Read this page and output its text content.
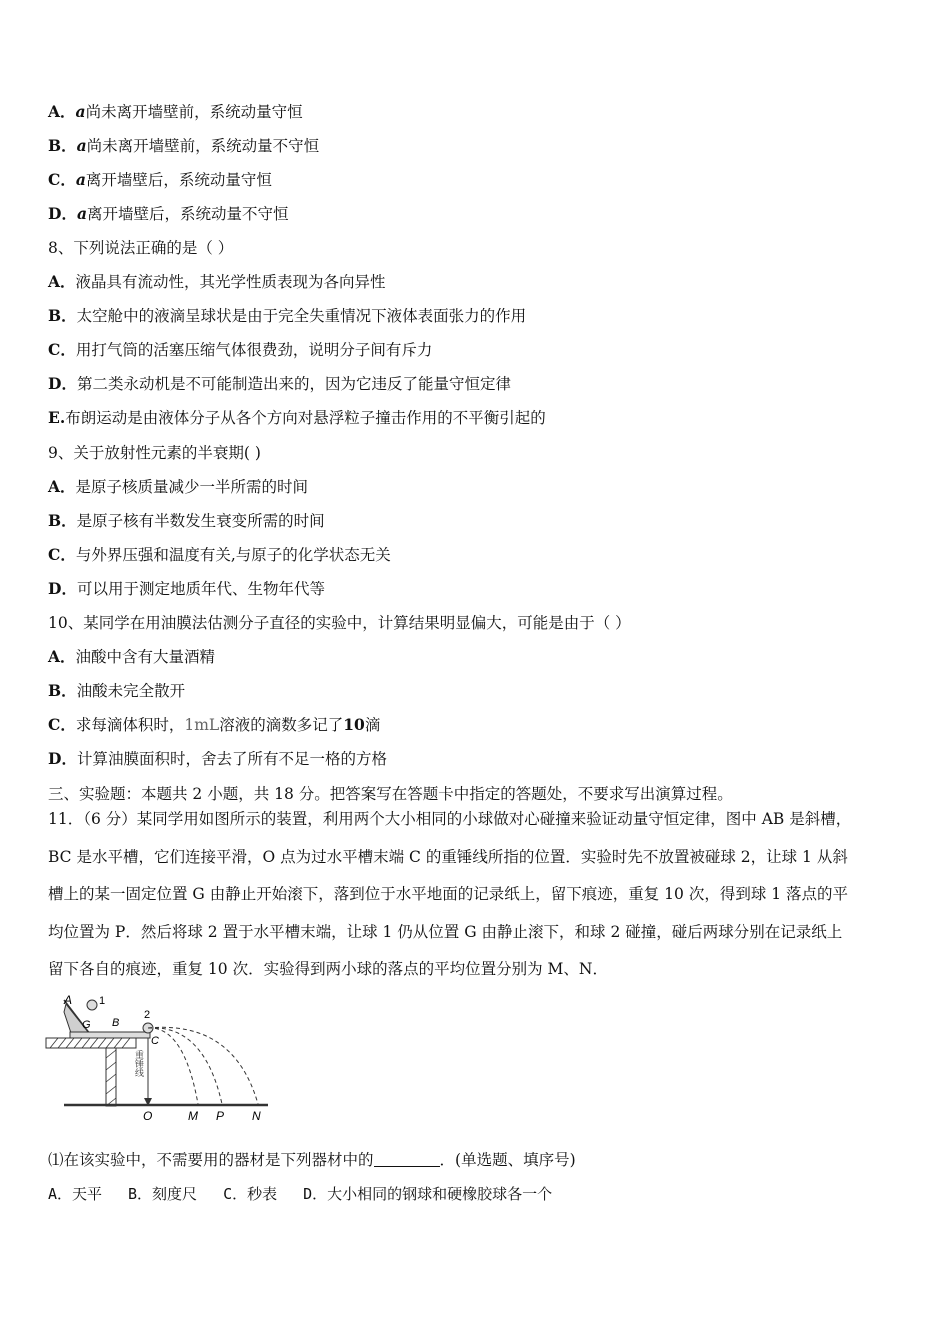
A．a尚未离开墙壁前，系统动量守恒
B．a尚未离开墙壁前，系统动量不守恒
C．a离开墙壁后，系统动量守恒
D．a离开墙壁后，系统动量不守恒
8、下列说法正确的是（ ）
A．液晶具有流动性，其光学性质表现为各向异性
B．太空舱中的液滴呈球状是由于完全失重情况下液体表面张力的作用
C．用打气筒的活塞压缩气体很费劲，说明分子间有斥力
D．第二类永动机是不可能制造出来的，因为它违反了能量守恒定律
E.布朗运动是由液体分子从各个方向对悬浮粒子撞击作用的不平衡引起的
9、关于放射性元素的半衰期( )
A．是原子核质量减少一半所需的时间
B．是原子核有半数发生衰变所需的时间
C．与外界压强和温度有关,与原子的化学状态无关
D．可以用于测定地质年代、生物年代等
10、某同学在用油膜法估测分子直径的实验中，计算结果明显偏大，可能是由于（ ）
A．油酸中含有大量酒精
B．油酸未完全散开
C．求每滴体积时，1mL溶液的滴数多记了10滴
D．计算油膜面积时，舍去了所有不足一格的方格
三、实验题：本题共 2 小题，共 18 分。把答案写在答题卡中指定的答题处，不要求写出演算过程。
11．（6 分）某同学用如图所示的装置，利用两个大小相同的小球做对心碰撞来验证动量守恒定律，图中 AB 是斜槽，
BC 是水平槽，它们连接平滑，O 点为过水平槽末端 C 的重锤线所指的位置．实验时先不放置被碰球 2，让球 1 从斜
槽上的某一固定位置 G 由静止开始滚下，落到位于水平地面的记录纸上，留下痕迹，重复 10 次，得到球 1 落点的平
均位置为 P．然后将球 2 置于水平槽末端，让球 1 仍从位置 G 由静止滚下，和球 2 碰撞，碰后两球分别在记录纸上
留下各自的痕迹，重复 10 次．实验得到两小球的落点的平均位置分别为 M、N．
重锤线
A
G B
1
2
C
O	M P N
⑴在该实验中，不需要用的器材是下列器材中的	．(单选题、填序号)
A．天平 B．刻度尺 C．秒表 D．大小相同的钢球和硬橡胶球各一个
